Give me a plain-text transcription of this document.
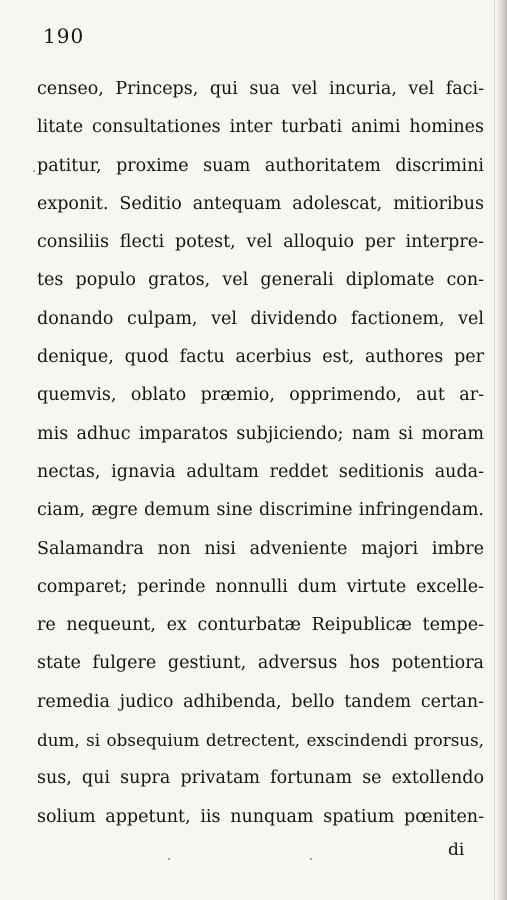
190
censeo, Princeps, qui sua vel incuria, vel faci-
litate consultationes inter turbati animi homines
patitur, proxime suam authoritatem discrimini
exponit. Seditio antequam adolescat, mitioribus
consiliis flecti potest, vel alloquio per interpre-
tes populo gratos, vel generali diplomate con-
donando culpam, vel dividendo factionem, vel
denique, quod factu acerbius est, authores per
quemvis, oblato præmio, opprimendo, aut ar-
mis adhuc imparatos subjiciendo; nam si moram
nectas, ignavia adultam reddet seditionis auda-
ciam, ægre demum sine discrimine infringendam.
Salamandra non nisi adveniente majori imbre
comparet; perinde nonnulli dum virtute excelle-
re nequeunt, ex conturbatæ Reipublicæ tempe-
state fulgere gestiunt, adversus hos potentiora
remedia judico adhibenda, bello tandem certan-
dum, si obsequium detrectent, exscindendi prorsus,
sus, qui supra privatam fortunam se extollendo
solium appetunt, iis nunquam spatium pœniten-
di
